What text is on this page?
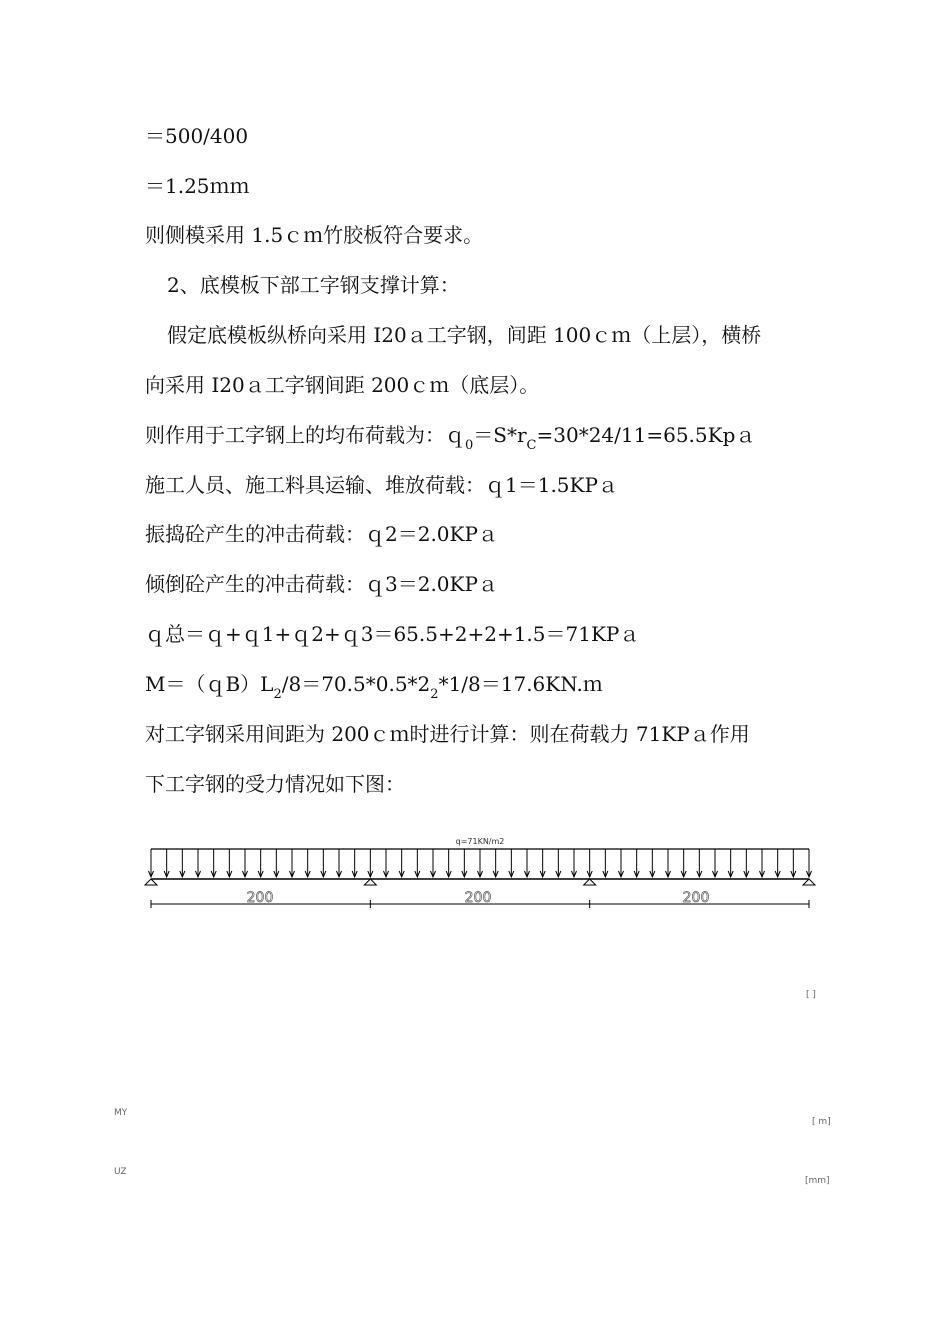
＝500/400
＝1.25ｍｍ
则侧模采用 1.5ｃｍ竹胶板符合要求。
2、底模板下部工字钢支撑计算：
假定底模板纵桥向采用 I20ａ工字钢，间距 100ｃｍ（上层），横桥
向采用 I20ａ工字钢间距 200ｃｍ（底层）。
则作用于工字钢上的均布荷载为：$q_0=S*r_C=30*24/11=65.5Kpa$
施工人员、施工料具运输、堆放荷载：ｑ1＝1.5KPａ
振捣砼产生的冲击荷载：ｑ2＝2.0KPａ
倾倒砼产生的冲击荷载：ｑ3＝2.0KPａ
ｑ总＝ｑ+ｑ1+ｑ2+ｑ3＝65.5+2+2+1.5＝71KPａ
$M=(qB)L_2/8=70.5*0.5*2_2*1/8=17.6KN.m$
对工字钢采用间距为 200ｃｍ时进行计算：则在荷载力 71KPａ作用
下工字钢的受力情况如下图：
q=71KN/m2
200	200	200
[ ]
MY
[ m]
UZ
[mm]
